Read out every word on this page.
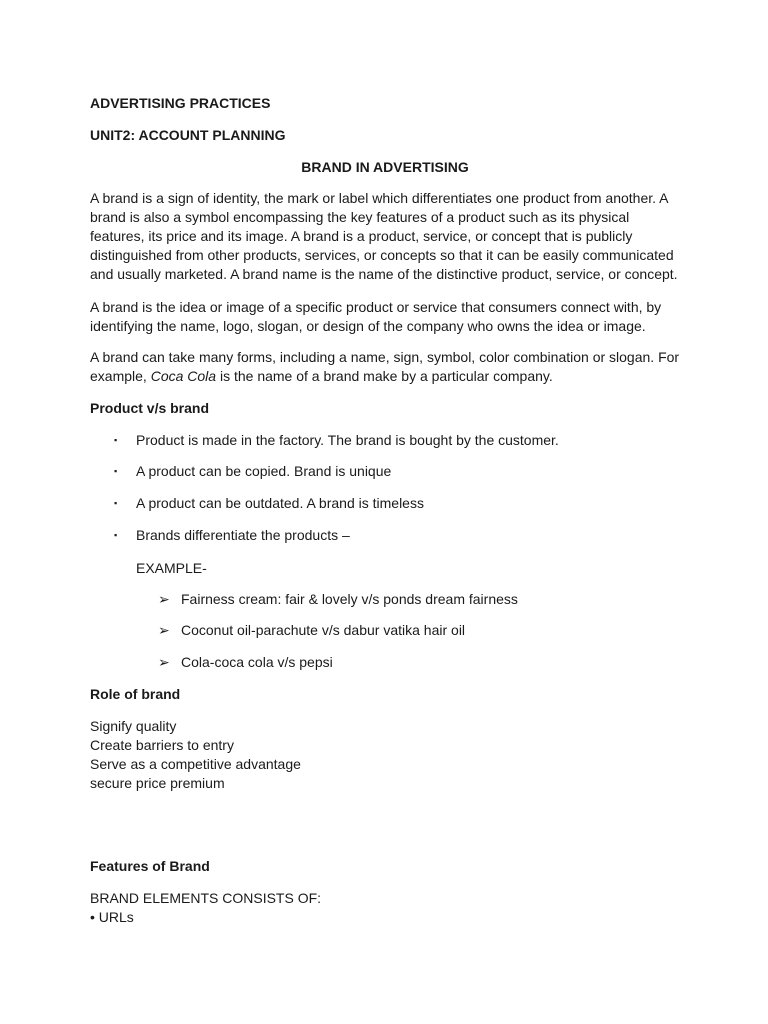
ADVERTISING PRACTICES

UNIT2: ACCOUNT PLANNING

BRAND IN ADVERTISING

A brand is a sign of identity, the mark or label which differentiates one product from another. A brand is also a symbol encompassing the key features of a product such as its physical features, its price and its image. A brand is a product, service, or concept that is publicly distinguished from other products, services, or concepts so that it can be easily communicated and usually marketed. A brand name is the name of the distinctive product, service, or concept.

A brand is the idea or image of a specific product or service that consumers connect with, by identifying the name, logo, slogan, or design of the company who owns the idea or image.

A brand can take many forms, including a name, sign, symbol, color combination or slogan. For example, Coca Cola is the name of a brand make by a particular company.

Product v/s brand

▪ Product is made in the factory. The brand is bought by the customer.
▪ A product can be copied. Brand is unique
▪ A product can be outdated. A brand is timeless
▪ Brands differentiate the products –
EXAMPLE-
➢ Fairness cream: fair & lovely v/s ponds dream fairness
➢ Coconut oil-parachute v/s dabur vatika hair oil
➢ Cola-coca cola v/s pepsi

Role of brand

Signify quality
Create barriers to entry
Serve as a competitive advantage
secure price premium

Features of Brand

BRAND ELEMENTS CONSISTS OF:

• URLs
